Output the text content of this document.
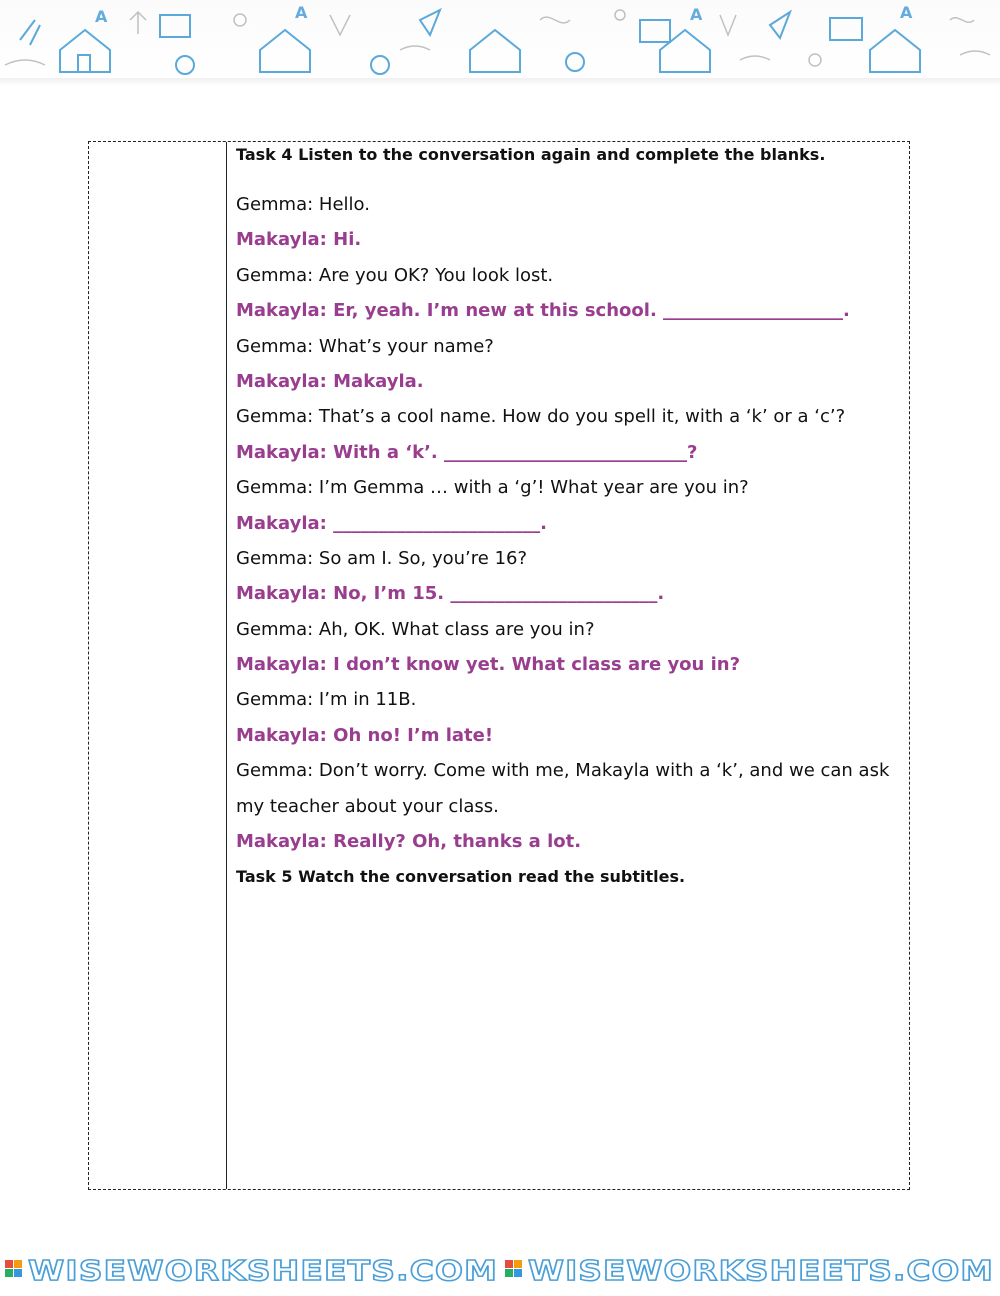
A	A	A	A

Task 4 Listen to the conversation again and complete the blanks.

Gemma: Hello.

Makayla: Hi.

Gemma: Are you OK? You look lost.

Makayla: Er, yeah. I’m new at this school. ____________________.

Gemma: What’s your name?

Makayla: Makayla.

Gemma: That’s a cool name. How do you spell it, with a ‘k’ or a ‘c’?

Makayla: With a ‘k’. ___________________________?

Gemma: I’m Gemma … with a ‘g’! What year are you in?

Makayla: _______________________.

Gemma: So am I. So, you’re 16?

Makayla: No, I’m 15. _______________________.

Gemma: Ah, OK. What class are you in?

Makayla: I don’t know yet. What class are you in?

Gemma: I’m in 11B.

Makayla: Oh no! I’m late!

Gemma: Don’t worry. Come with me, Makayla with a ‘k’, and we can ask my teacher about your class.

Makayla: Really? Oh, thanks a lot.

Task 5 Watch the conversation read the subtitles.

WISEWORKSHEETS.COM WISEWORKSHEETS.COM
